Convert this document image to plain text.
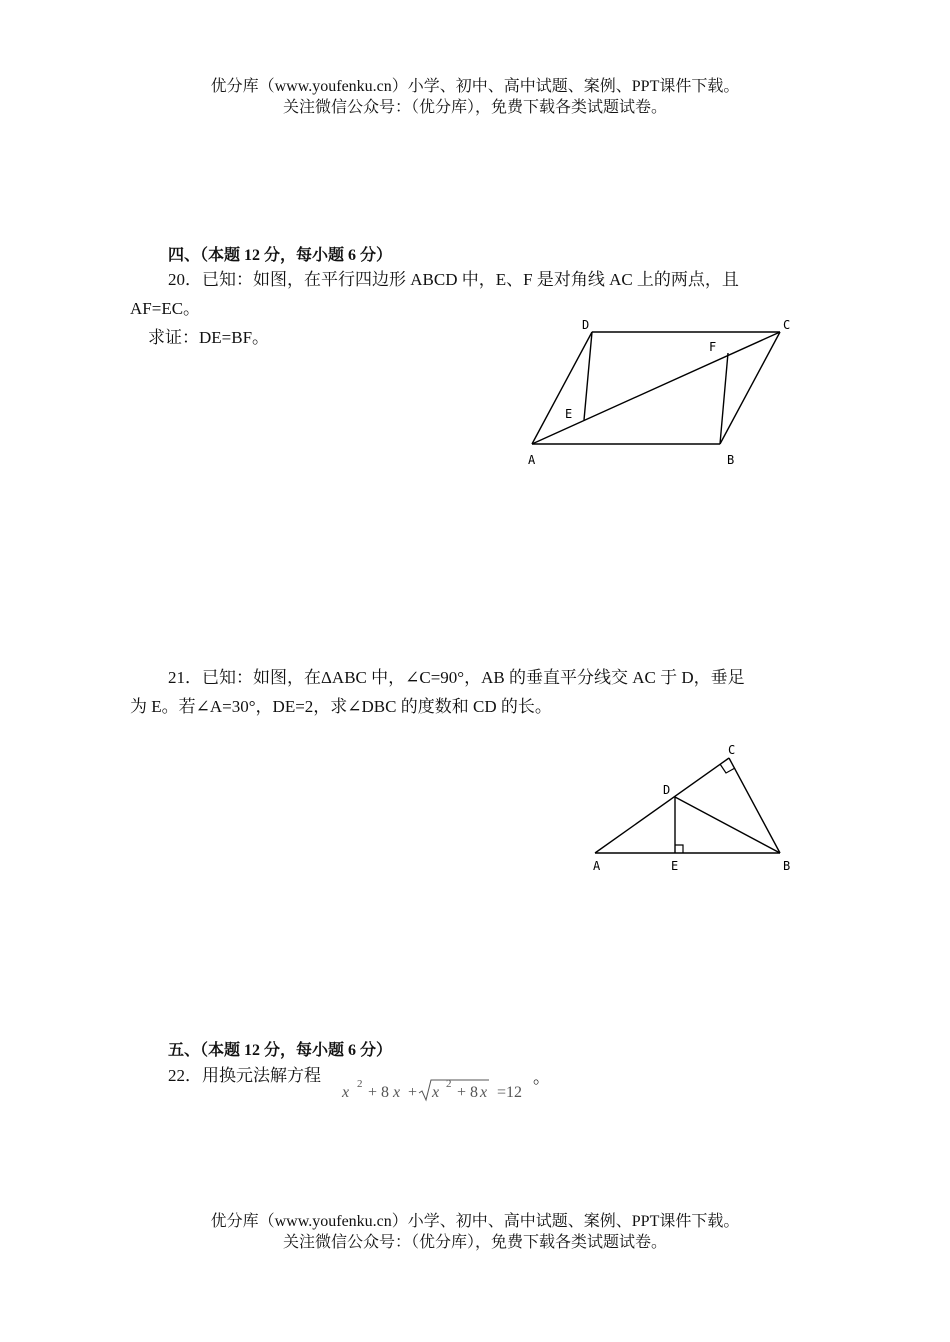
优分库（www.youfenku.cn）小学、初中、高中试题、案例、PPT课件下载。
关注微信公众号：（优分库），免费下载各类试题试卷。
四、（本题 12 分，每小题 6 分）
20．已知：如图，在平行四边形 ABCD 中，E、F 是对角线 AC 上的两点，且
AF=EC。
求证：DE=BF。
A	B
C
D
E
F
21．已知：如图，在ΔABC 中，∠C=90°，AB 的垂直平分线交 AC 于 D，垂足
为 E。若∠A=30°，DE=2，求∠DBC 的度数和 CD 的长。
A	E	B
C
D
五、（本题 12 分，每小题 6 分）
22．用换元法解方程
x 2 + 8 x + x 2 + 8 x =12
。
优分库（www.youfenku.cn）小学、初中、高中试题、案例、PPT课件下载。
关注微信公众号：（优分库），免费下载各类试题试卷。
